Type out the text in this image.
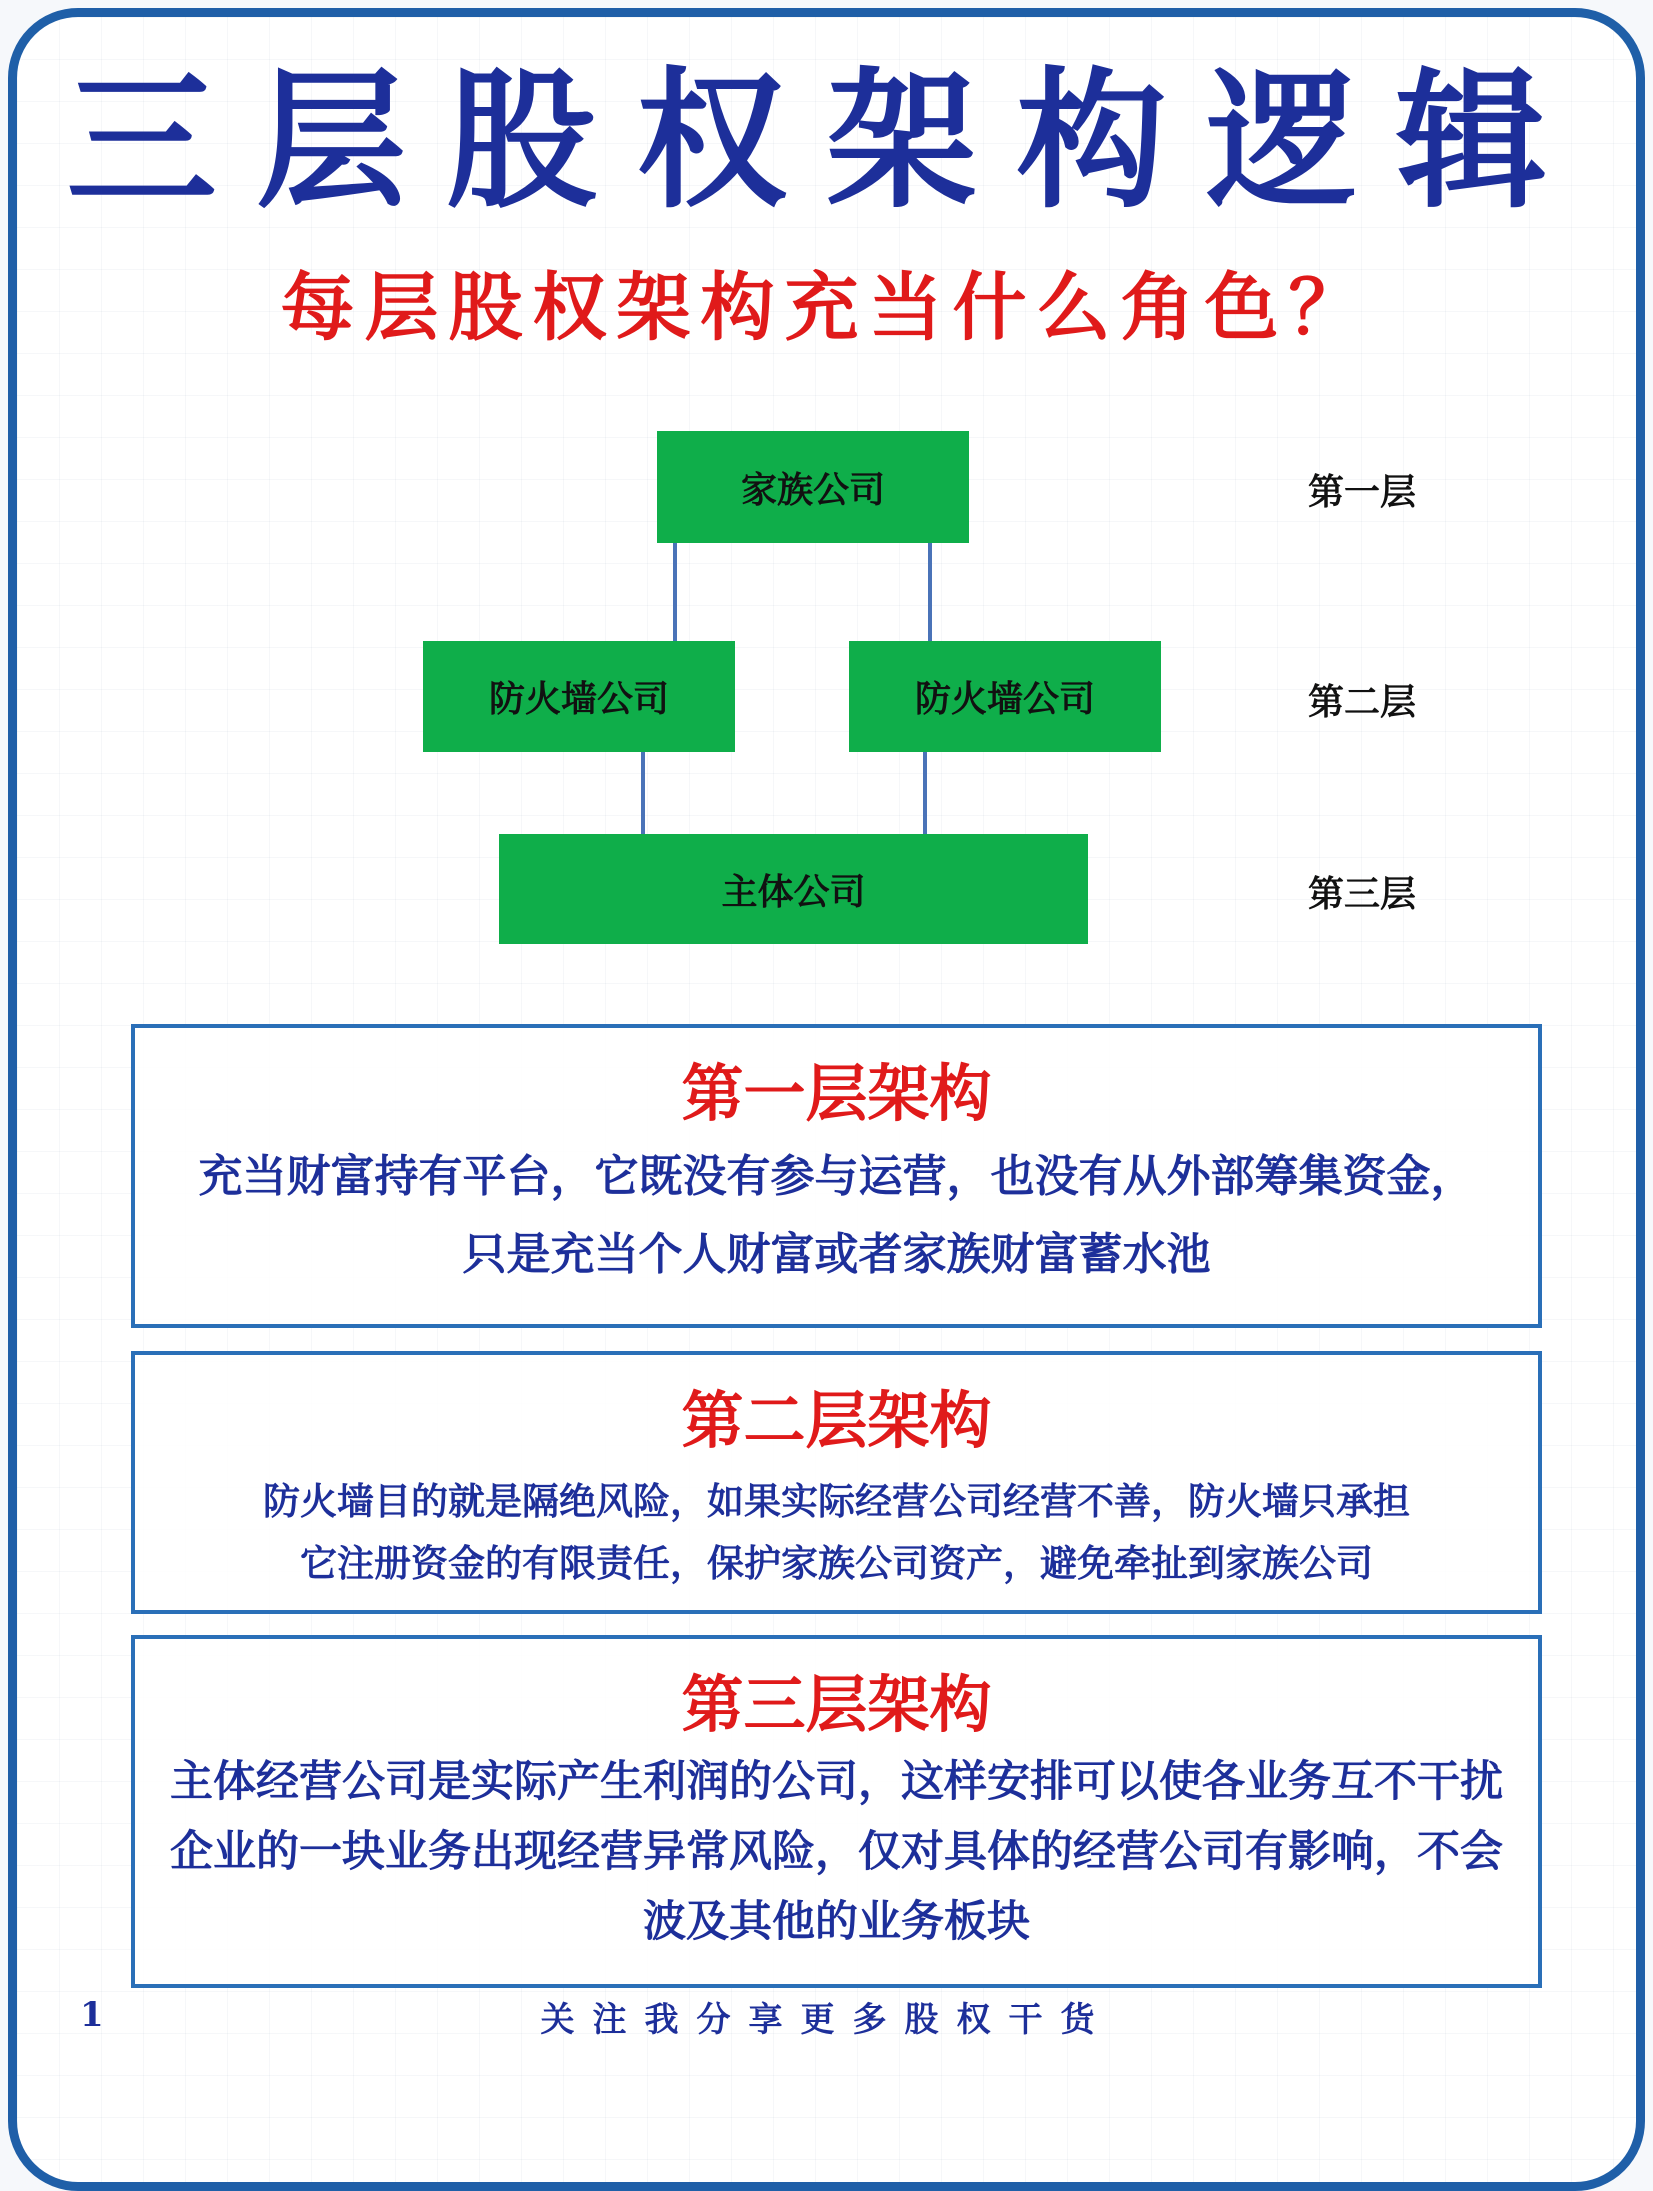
三层股权架构逻辑
每层股权架构充当什么角色？
家族公司
防火墙公司	防火墙公司
主体公司
第一层
第二层
第三层
第一层架构
充当财富持有平台，它既没有参与运营，也没有从外部筹集资金，
只是充当个人财富或者家族财富蓄水池
第二层架构
防火墙目的就是隔绝风险，如果实际经营公司经营不善，防火墙只承担
它注册资金的有限责任，保护家族公司资产，避免牵扯到家族公司
第三层架构
主体经营公司是实际产生利润的公司，这样安排可以使各业务互不干扰
企业的一块业务出现经营异常风险，仅对具体的经营公司有影响，不会
波及其他的业务板块
1	关注我分享更多股权干货
